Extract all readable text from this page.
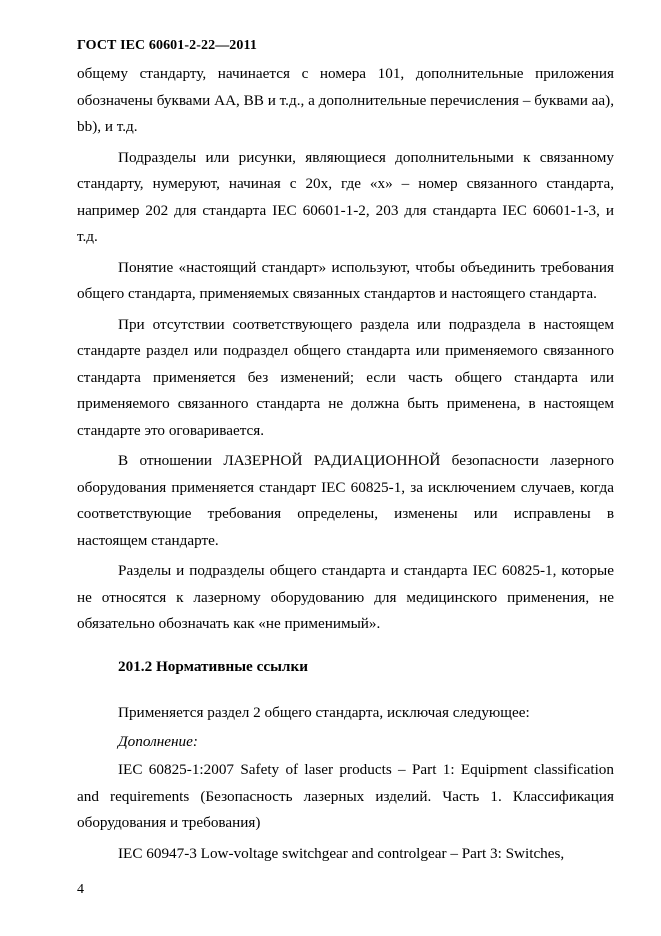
ГОСТ IEC 60601-2-22—2011

общему стандарту, начинается с номера 101, дополнительные приложения обозначены буквами АА, ВВ и т.д., а дополнительные перечисления – буквами аа), bb), и т.д.

Подразделы или рисунки, являющиеся дополнительными к связанному стандарту, нумеруют, начиная с 20х, где «х» – номер связанного стандарта, например 202 для стандарта IEC 60601-1-2, 203 для стандарта IEC 60601-1-3, и т.д.

Понятие «настоящий стандарт» используют, чтобы объединить требования общего стандарта, применяемых связанных стандартов и настоящего стандарта.

При отсутствии соответствующего раздела или подраздела в настоящем стандарте раздел или подраздел общего стандарта или применяемого связанного стандарта применяется без изменений; если часть общего стандарта или применяемого связанного стандарта не должна быть применена, в настоящем стандарте это оговаривается.

В отношении ЛАЗЕРНОЙ РАДИАЦИОННОЙ безопасности лазерного оборудования применяется стандарт IEC 60825-1, за исключением случаев, когда соответствующие требования определены, изменены или исправлены в настоящем стандарте.

Разделы и подразделы общего стандарта и стандарта IEC 60825-1, которые не относятся к лазерному оборудованию для медицинского применения, не обязательно обозначать как «не применимый».

201.2 Нормативные ссылки

Применяется раздел 2 общего стандарта, исключая следующее:

Дополнение:

IEC 60825-1:2007 Safety of laser products – Part 1: Equipment classification and requirements (Безопасность лазерных изделий. Часть 1. Классификация оборудования и требования)

IEC 60947-3 Low-voltage switchgear and controlgear – Part 3: Switches,

4
